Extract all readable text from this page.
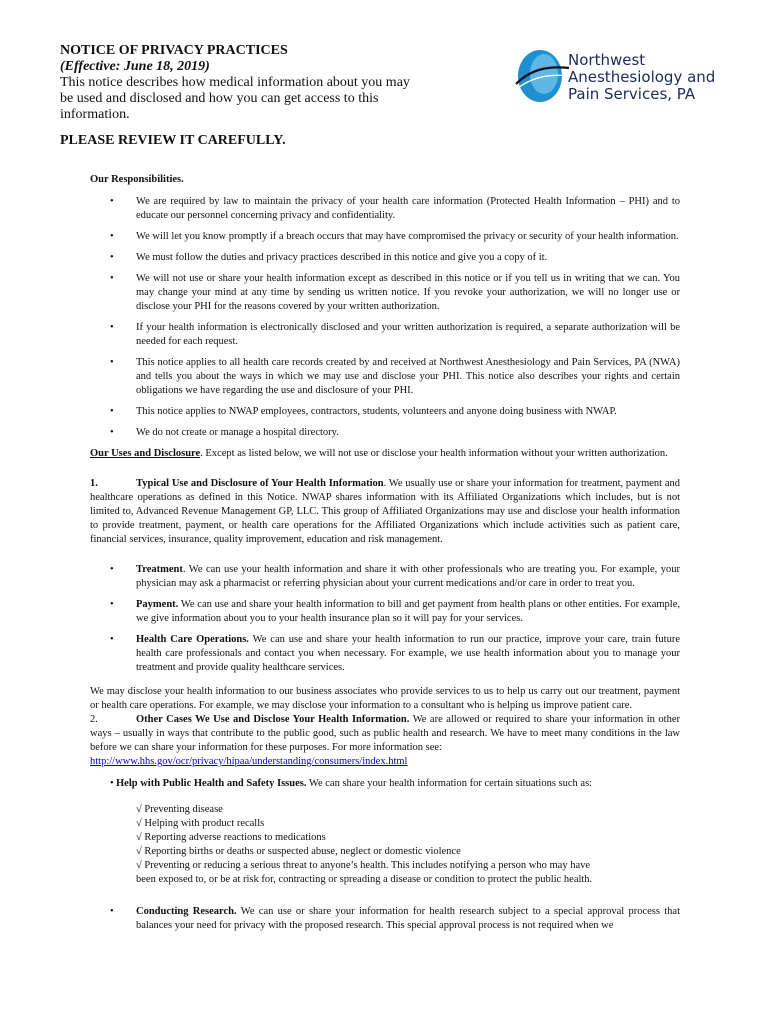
NOTICE OF PRIVACY PRACTICES
(Effective: June 18, 2019)
This notice describes how medical information about you may be used and disclosed and how you can get access to this information.
PLEASE REVIEW IT CAREFULLY.
Northwest
Anesthesiology and
Pain Services, PA

Our Responsibilities.

• We are required by law to maintain the privacy of your health care information (Protected Health Information – PHI) and to educate our personnel concerning privacy and confidentiality.
• We will let you know promptly if a breach occurs that may have compromised the privacy or security of your health information.
• We must follow the duties and privacy practices described in this notice and give you a copy of it.
• We will not use or share your health information except as described in this notice or if you tell us in writing that we can. You may change your mind at any time by sending us written notice. If you revoke your authorization, we will no longer use or disclose your PHI for the reasons covered by your written authorization.
• If your health information is electronically disclosed and your written authorization is required, a separate authorization will be needed for each request.
• This notice applies to all health care records created by and received at Northwest Anesthesiology and Pain Services, PA (NWA) and tells you about the ways in which we may use and disclose your PHI. This notice also describes your rights and certain obligations we have regarding the use and disclosure of your PHI.
• This notice applies to NWAP employees, contractors, students, volunteers and anyone doing business with NWAP.
• We do not create or manage a hospital directory.

Our Uses and Disclosure. Except as listed below, we will not use or disclose your health information without your written authorization.

1.	Typical Use and Disclosure of Your Health Information. We usually use or share your information for treatment, payment and healthcare operations as defined in this Notice. NWAP shares information with its Affiliated Organizations which includes, but is not limited to, Advanced Revenue Management GP, LLC. This group of Affiliated Organizations may use and disclose your health information to provide treatment, payment, or health care operations for the Affiliated Organizations which include activities such as patient care, financial services, insurance, quality improvement, education and risk management.

• Treatment. We can use your health information and share it with other professionals who are treating you. For example, your physician may ask a pharmacist or referring physician about your current medications and/or care in order to treat you.
• Payment. We can use and share your health information to bill and get payment from health plans or other entities. For example, we give information about you to your health insurance plan so it will pay for your services.
• Health Care Operations. We can use and share your health information to run our practice, improve your care, train future health care professionals and contact you when necessary. For example, we use health information about you to manage your treatment and provide quality healthcare services.

We may disclose your health information to our business associates who provide services to us to help us carry out our treatment, payment or health care operations. For example, we may disclose your information to a consultant who is helping us improve patient care.

2.	Other Cases We Use and Disclose Your Health Information. We are allowed or required to share your information in other ways – usually in ways that contribute to the public good, such as public health and research. We have to meet many conditions in the law before we can share your information for these purposes. For more information see:
http://www.hhs.gov/ocr/privacy/hipaa/understanding/consumers/index.html

• Help with Public Health and Safety Issues. We can share your health information for certain situations such as:
√ Preventing disease
√ Helping with product recalls
√ Reporting adverse reactions to medications
√ Reporting births or deaths or suspected abuse, neglect or domestic violence
√ Preventing or reducing a serious threat to anyone’s health. This includes notifying a person who may have been exposed to, or be at risk for, contracting or spreading a disease or condition to protect the public health.
• Conducting Research. We can use or share your information for health research subject to a special approval process that balances your need for privacy with the proposed research. This special approval process is not required when we
